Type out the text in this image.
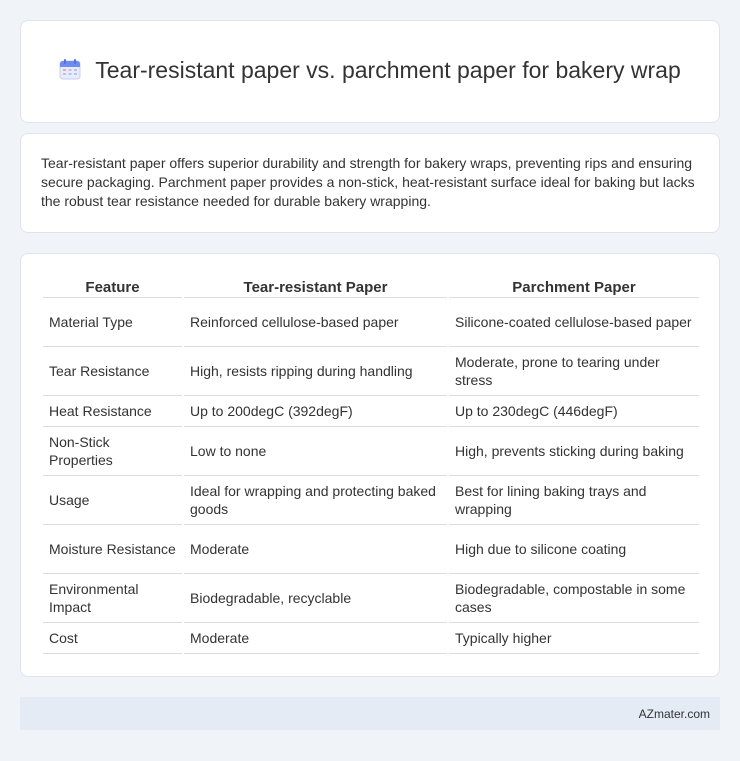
Tear-resistant paper vs. parchment paper for bakery wrap

Tear-resistant paper offers superior durability and strength for bakery wraps, preventing rips and ensuring secure packaging. Parchment paper provides a non-stick, heat-resistant surface ideal for baking but lacks the robust tear resistance needed for durable bakery wrapping.

Feature	Tear-resistant Paper	Parchment Paper
Material Type	Reinforced cellulose-based paper	Silicone-coated cellulose-based paper
Tear Resistance	High, resists ripping during handling	Moderate, prone to tearing under stress
Heat Resistance	Up to 200degC (392degF)	Up to 230degC (446degF)
Non-Stick Properties	Low to none	High, prevents sticking during baking
Usage	Ideal for wrapping and protecting baked goods	Best for lining baking trays and wrapping
Moisture Resistance	Moderate	High due to silicone coating
Environmental Impact	Biodegradable, recyclable	Biodegradable, compostable in some cases
Cost	Moderate	Typically higher
AZmater.com
